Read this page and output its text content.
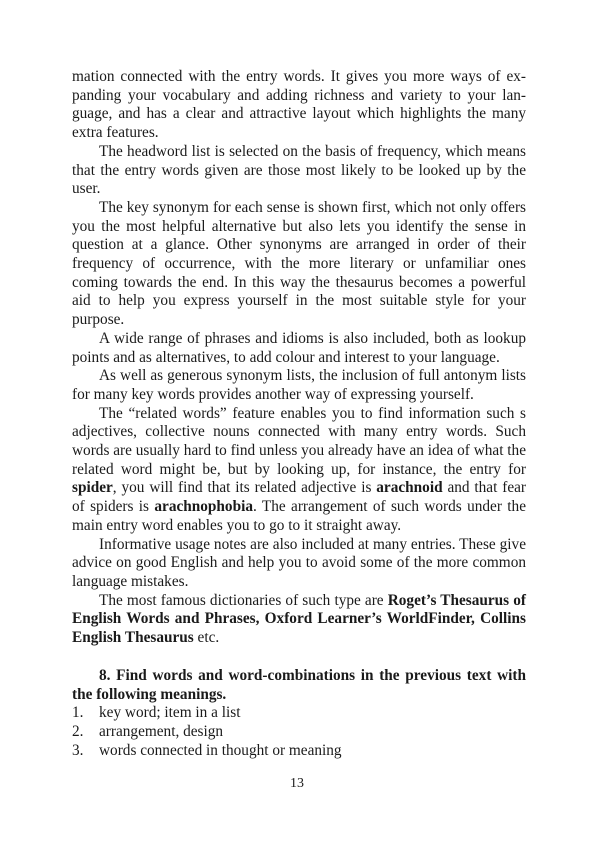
mation connected with the entry words. It gives you more ways of expanding your vocabulary and adding richness and variety to your language, and has a clear and attractive layout which highlights the many extra features.

The headword list is selected on the basis of frequency, which means that the entry words given are those most likely to be looked up by the user.

The key synonym for each sense is shown first, which not only offers you the most helpful alternative but also lets you identify the sense in question at a glance. Other synonyms are arranged in order of their frequency of occurrence, with the more literary or unfamiliar ones coming towards the end. In this way the thesaurus becomes a powerful aid to help you express yourself in the most suitable style for your purpose.

A wide range of phrases and idioms is also included, both as lookup points and as alternatives, to add colour and interest to your language.

As well as generous synonym lists, the inclusion of full antonym lists for many key words provides another way of expressing yourself.

The “related words” feature enables you to find information such s adjectives, collective nouns connected with many entry words. Such words are usually hard to find unless you already have an idea of what the related word might be, but by looking up, for instance, the entry for spider, you will find that its related adjective is arachnoid and that fear of spiders is arachnophobia. The arrangement of such words under the main entry word enables you to go to it straight away.

Informative usage notes are also included at many entries. These give advice on good English and help you to avoid some of the more common language mistakes.

The most famous dictionaries of such type are Roget’s Thesaurus of English Words and Phrases, Oxford Learner’s WorldFinder, Collins English Thesaurus etc.

8. Find words and word-combinations in the previous text with the following meanings.

1.	key word; item in a list
2.	arrangement, design
3.	words connected in thought or meaning
13
